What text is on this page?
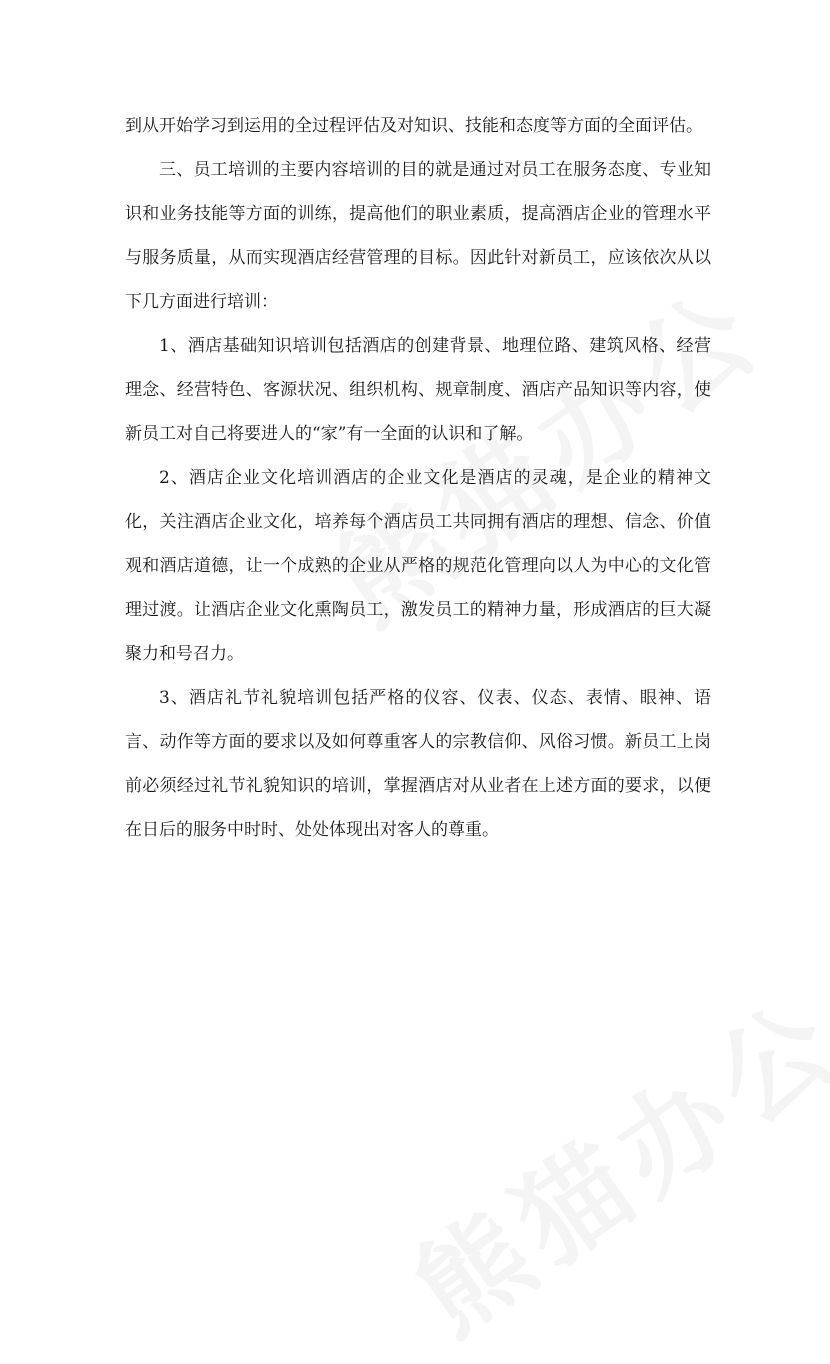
到从开始学习到运用的全过程评估及对知识、技能和态度等方面的全面评估。

三、员工培训的主要内容培训的目的就是通过对员工在服务态度、专业知识和业务技能等方面的训练，提高他们的职业素质，提高酒店企业的管理水平与服务质量，从而实现酒店经营管理的目标。因此针对新员工，应该依次从以下几方面进行培训：

1、酒店基础知识培训包括酒店的创建背景、地理位路、建筑风格、经营理念、经营特色、客源状况、组织机构、规章制度、酒店产品知识等内容，使新员工对自己将要进人的“家”有一全面的认识和了解。

2、酒店企业文化培训酒店的企业文化是酒店的灵魂，是企业的精神文化，关注酒店企业文化，培养每个酒店员工共同拥有酒店的理想、信念、价值观和酒店道德，让一个成熟的企业从严格的规范化管理向以人为中心的文化管理过渡。让酒店企业文化熏陶员工，激发员工的精神力量，形成酒店的巨大凝聚力和号召力。

3、酒店礼节礼貌培训包括严格的仪容、仪表、仪态、表情、眼神、语言、动作等方面的要求以及如何尊重客人的宗教信仰、风俗习惯。新员工上岗前必须经过礼节礼貌知识的培训，掌握酒店对从业者在上述方面的要求，以便在日后的服务中时时、处处体现出对客人的尊重。
